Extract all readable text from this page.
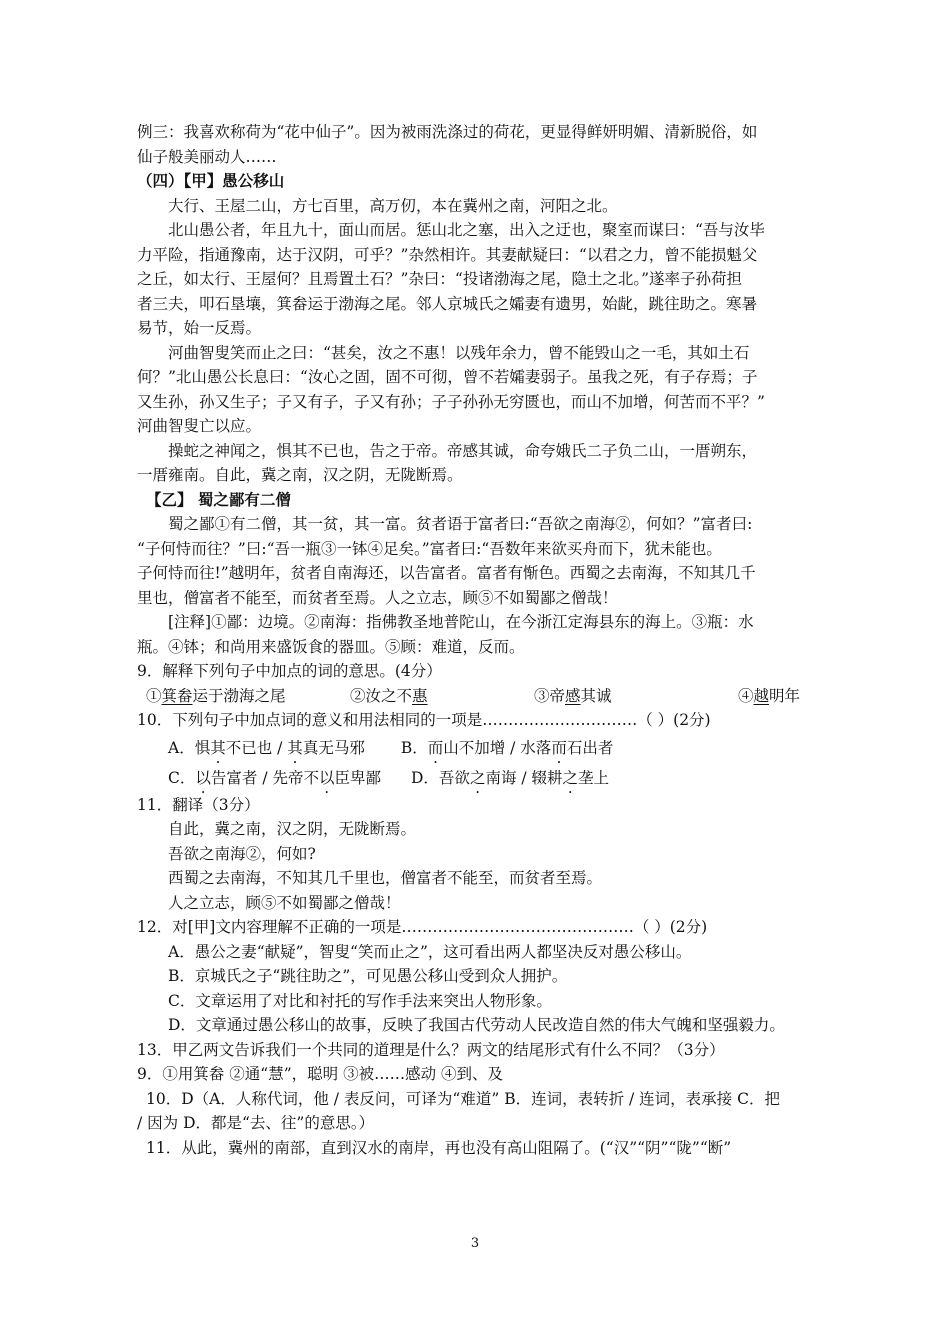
例三：我喜欢称荷为“花中仙子”。因为被雨洗涤过的荷花，更显得鲜妍明媚、清新脱俗，如
仙子般美丽动人……
（四）【甲】愚公移山
大行、王屋二山，方七百里，高万仞，本在冀州之南，河阳之北。
北山愚公者，年且九十，面山而居。惩山北之塞，出入之迂也，聚室而谋曰：“吾与汝毕
力平险，指通豫南，达于汉阴，可乎？”杂然相许。其妻献疑曰：“以君之力，曾不能损魁父
之丘，如太行、王屋何？且焉置土石？”杂曰：“投诸渤海之尾，隐土之北。”遂率子孙荷担
者三夫，叩石垦壤，箕畚运于渤海之尾。邻人京城氏之孀妻有遗男，始龀，跳往助之。寒暑
易节，始一反焉。
河曲智叟笑而止之曰：“甚矣，汝之不惠！以残年余力，曾不能毁山之一毛，其如土石
何？”北山愚公长息曰：“汝心之固，固不可彻，曾不若孀妻弱子。虽我之死，有子存焉；子
又生孙，孙又生子；子又有子，子又有孙；子子孙孙无穷匮也，而山不加增，何苦而不平？”
河曲智叟亡以应。
操蛇之神闻之，惧其不已也，告之于帝。帝感其诚，命夸娥氏二子负二山，一厝朔东，
一厝雍南。自此，冀之南，汉之阴，无陇断焉。
【乙】 蜀之鄙有二僧
蜀之鄙①有二僧，其一贫，其一富。贫者语于富者曰:“吾欲之南海②，何如？”富者曰:
“子何恃而往？”曰:“吾一瓶③一钵④足矣。”富者曰:“吾数年来欲买舟而下，犹未能也。
子何恃而往!”越明年，贫者自南海还，以告富者。富者有惭色。西蜀之去南海，不知其几千
里也，僧富者不能至，而贫者至焉。人之立志，顾⑤不如蜀鄙之僧哉！
[注释]①鄙：边境。②南海：指佛教圣地普陀山，在今浙江定海县东的海上。③瓶：水
瓶。④钵；和尚用来盛饭食的器皿。⑤顾：难道，反而。
9．解释下列句子中加点的词的意思。(4分）
①箕畚运于渤海之尾	②汝之不惠	③帝感其诚	④越明年
10．下列句子中加点词的意义和用法相同的一项是…………………………（ ）(2分)
A．惧其不已也 / 其真无马邪 B．而山不加增 / 水落而石出者
C．以告富者 / 先帝不以臣卑鄙 D．吾欲之南诲 / 辍耕之垄上
11．翻译（3分）
自此，冀之南，汉之阴，无陇断焉。
吾欲之南海②，何如?
西蜀之去南海，不知其几千里也，僧富者不能至，而贫者至焉。
人之立志，顾⑤不如蜀鄙之僧哉！
12．对[甲]文内容理解不正确的一项是………………………………………（ ）(2分)
A．愚公之妻“献疑”，智叟“笑而止之”，这可看出两人都坚决反对愚公移山。
B．京城氏之子“跳往助之”，可见愚公移山受到众人拥护。
C．文章运用了对比和衬托的写作手法来突出人物形象。
D．文章通过愚公移山的故事，反映了我国古代劳动人民改造自然的伟大气魄和坚强毅力。
13．甲乙两文告诉我们一个共同的道理是什么？两文的结尾形式有什么不同？（3分）
9．①用箕畚 ②通“慧”，聪明 ③被……感动 ④到、及
10．D（A．人称代词，他 / 表反问，可译为“难道” B．连词，表转折 / 连词，表承接 C．把
/ 因为 D．都是“去、往”的意思。）
11．从此，冀州的南部，直到汉水的南岸，再也没有高山阻隔了。(“汉”“阴”“陇”“断”
3
